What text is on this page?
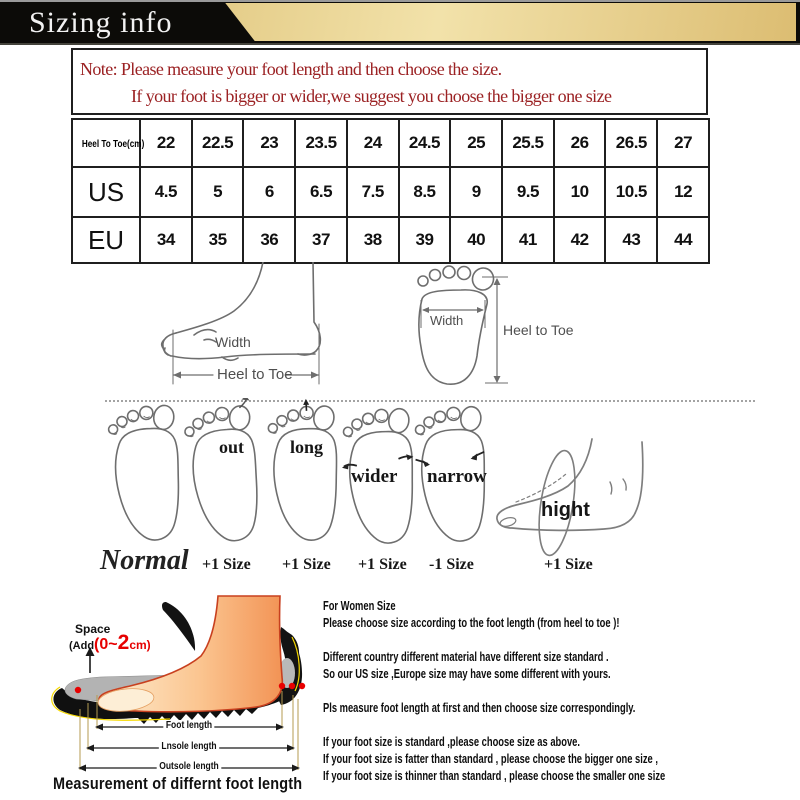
Sizing info
Note: Please measure your foot length and then choose the size.
If your foot is bigger or wider,we suggest you choose the bigger one size
Heel To Toe(cm)	22	22.5	23	23.5	24	24.5	25	25.5	26	26.5	27
US	4.5	5	6	6.5	7.5	8.5	9	9.5	10	10.5	12
EU	34	35	36	37	38	39	40	41	42	43	44
Width
Heel to Toe
Width
Heel to Toe
out	long
wider narrow
hight
Normal +1 Size +1 Size +1 Size -1 Size	+1 Size
Space
(Add(0~2cm)
Foot length
Lnsole length
Outsole length
Measurement of differnt foot length
For Women Size
Please choose size according to the foot length (from heel to toe )!
Different country different material have different size standard .
So our US size ,Europe size may have some different with yours.
Pls measure foot length at first and then choose size correspondingly.
If your foot size is standard ,please choose size as above.
If your foot size is fatter than standard , please choose the bigger one size ,
If your foot size is thinner than standard , please choose the smaller one size
